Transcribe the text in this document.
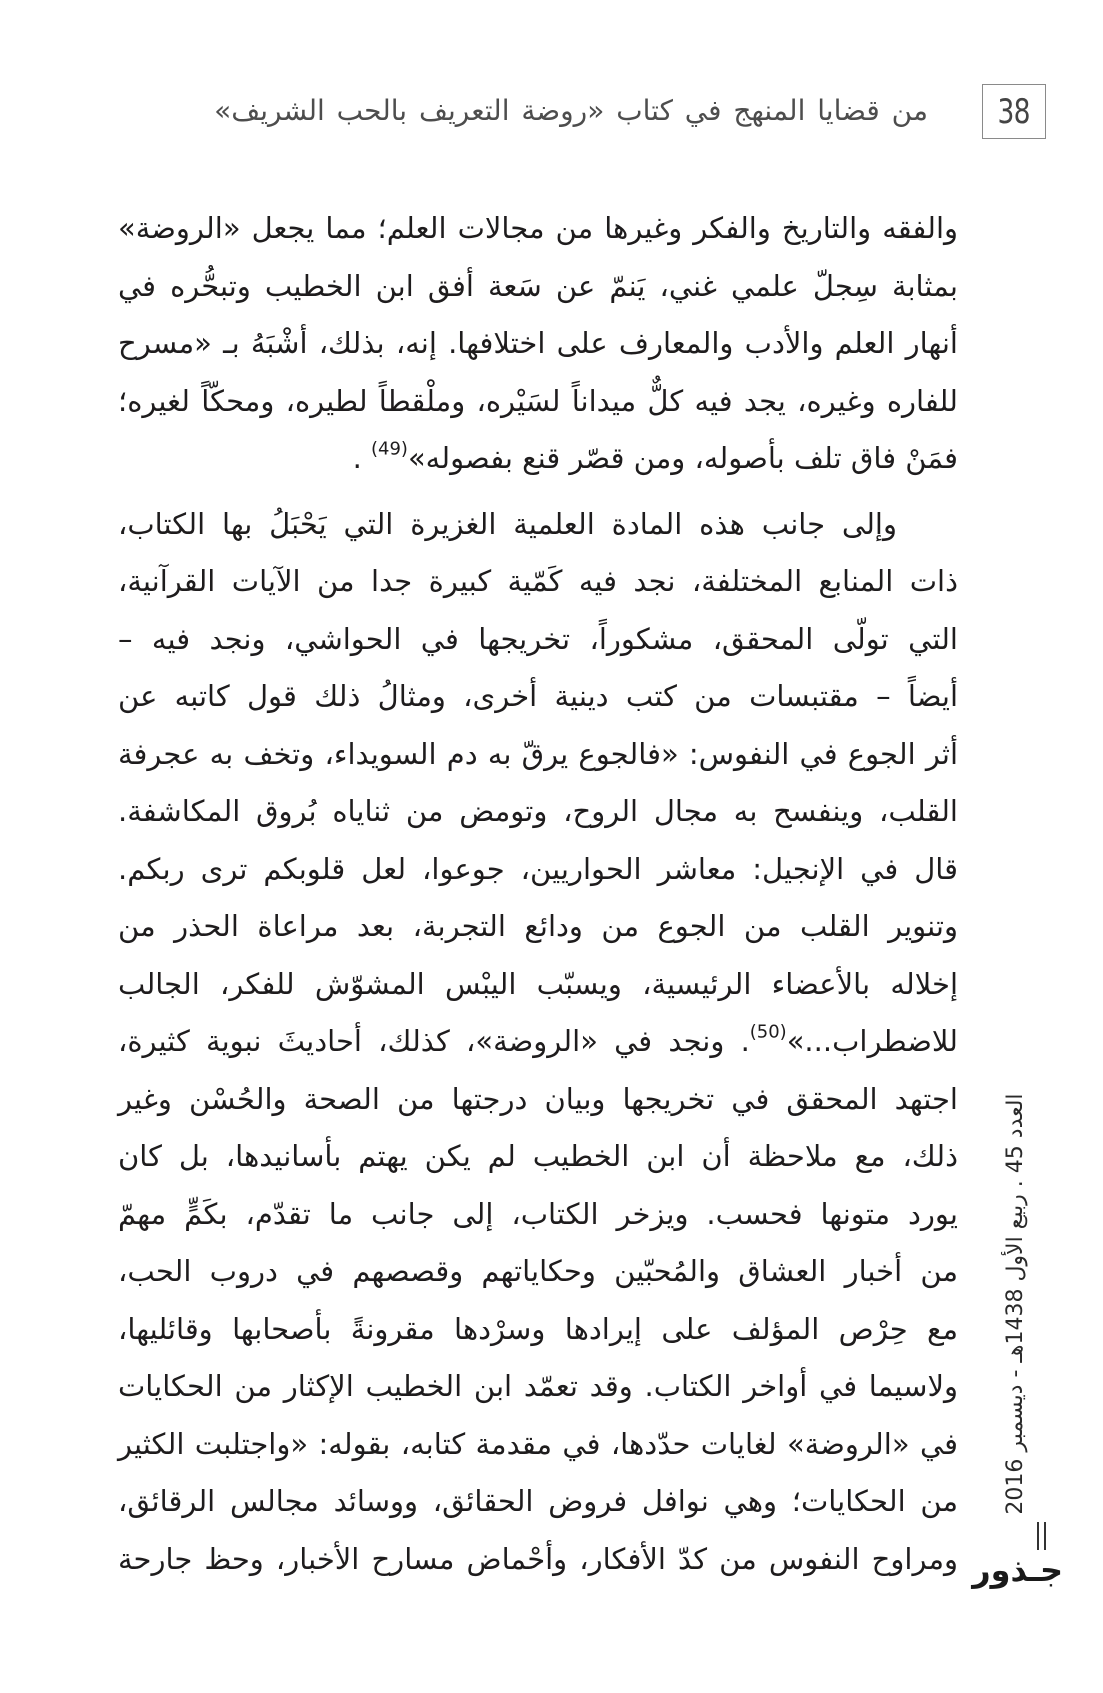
38
من قضايا المنهج في كتاب «روضة التعريف بالحب الشريف»
والفقه والتاريخ والفكر وغيرها من مجالات العلم؛ مما يجعل «الروضة»
بمثابة سِجلّ علمي غني، يَنمّ عن سَعة أفق ابن الخطيب وتبحُّره في
أنهار العلم والأدب والمعارف على اختلافها. إنه، بذلك، أشْبَهُ بـ «مسرح
للفاره وغيره، يجد فيه كلٌّ ميداناً لسَيْره، وملْقطاً لطيره، ومحكّاً لغيره؛
فمَنْ فاق تلف بأصوله، ومن قصّر قنع بفصوله»$^{(49)}$ .
وإلى جانب هذه المادة العلمية الغزيرة التي يَحْبَلُ بها الكتاب،
ذات المنابع المختلفة، نجد فيه كَمّية كبيرة جدا من الآيات القرآنية،
التي تولّى المحقق، مشكوراً، تخريجها في الحواشي، ونجد فيه –
أيضاً – مقتبسات من كتب دينية أخرى، ومثالُ ذلك قول كاتبه عن
أثر الجوع في النفوس: «فالجوع يرقّ به دم السويداء، وتخف به عجرفة
القلب، وينفسح به مجال الروح، وتومض من ثناياه بُروق المكاشفة.
قال في الإنجيل: معاشر الحواريين، جوعوا، لعل قلوبكم ترى ربكم.
وتنوير القلب من الجوع من ودائع التجربة، بعد مراعاة الحذر من
إخلاله بالأعضاء الرئيسية، ويسبّب اليبْس المشوّش للفكر، الجالب
للاضطراب...»$^{(50)}$. ونجد في «الروضة»، كذلك، أحاديثَ نبوية كثيرة،
اجتهد المحقق في تخريجها وبيان درجتها من الصحة والحُسْن وغير
ذلك، مع ملاحظة أن ابن الخطيب لم يكن يهتم بأسانيدها، بل كان
يورد متونها فحسب. ويزخر الكتاب، إلى جانب ما تقدّم، بكَمٍّ مهمّ
من أخبار العشاق والمُحبّين وحكاياتهم وقصصهم في دروب الحب،
مع حِرْص المؤلف على إيرادها وسرْدها مقرونةً بأصحابها وقائليها،
ولاسيما في أواخر الكتاب. وقد تعمّد ابن الخطيب الإكثار من الحكايات
في «الروضة» لغايات حدّدها، في مقدمة كتابه، بقوله: «واجتلبت الكثير
من الحكايات؛ وهي نوافل فروض الحقائق، ووسائد مجالس الرقائق،
ومراوح النفوس من كدّ الأفكار، وأحْماض مسارح الأخبار، وحظ جارحة
العدد 45 . ربيع الأول 1438هـ - ديسمبر 2016
جـذور
